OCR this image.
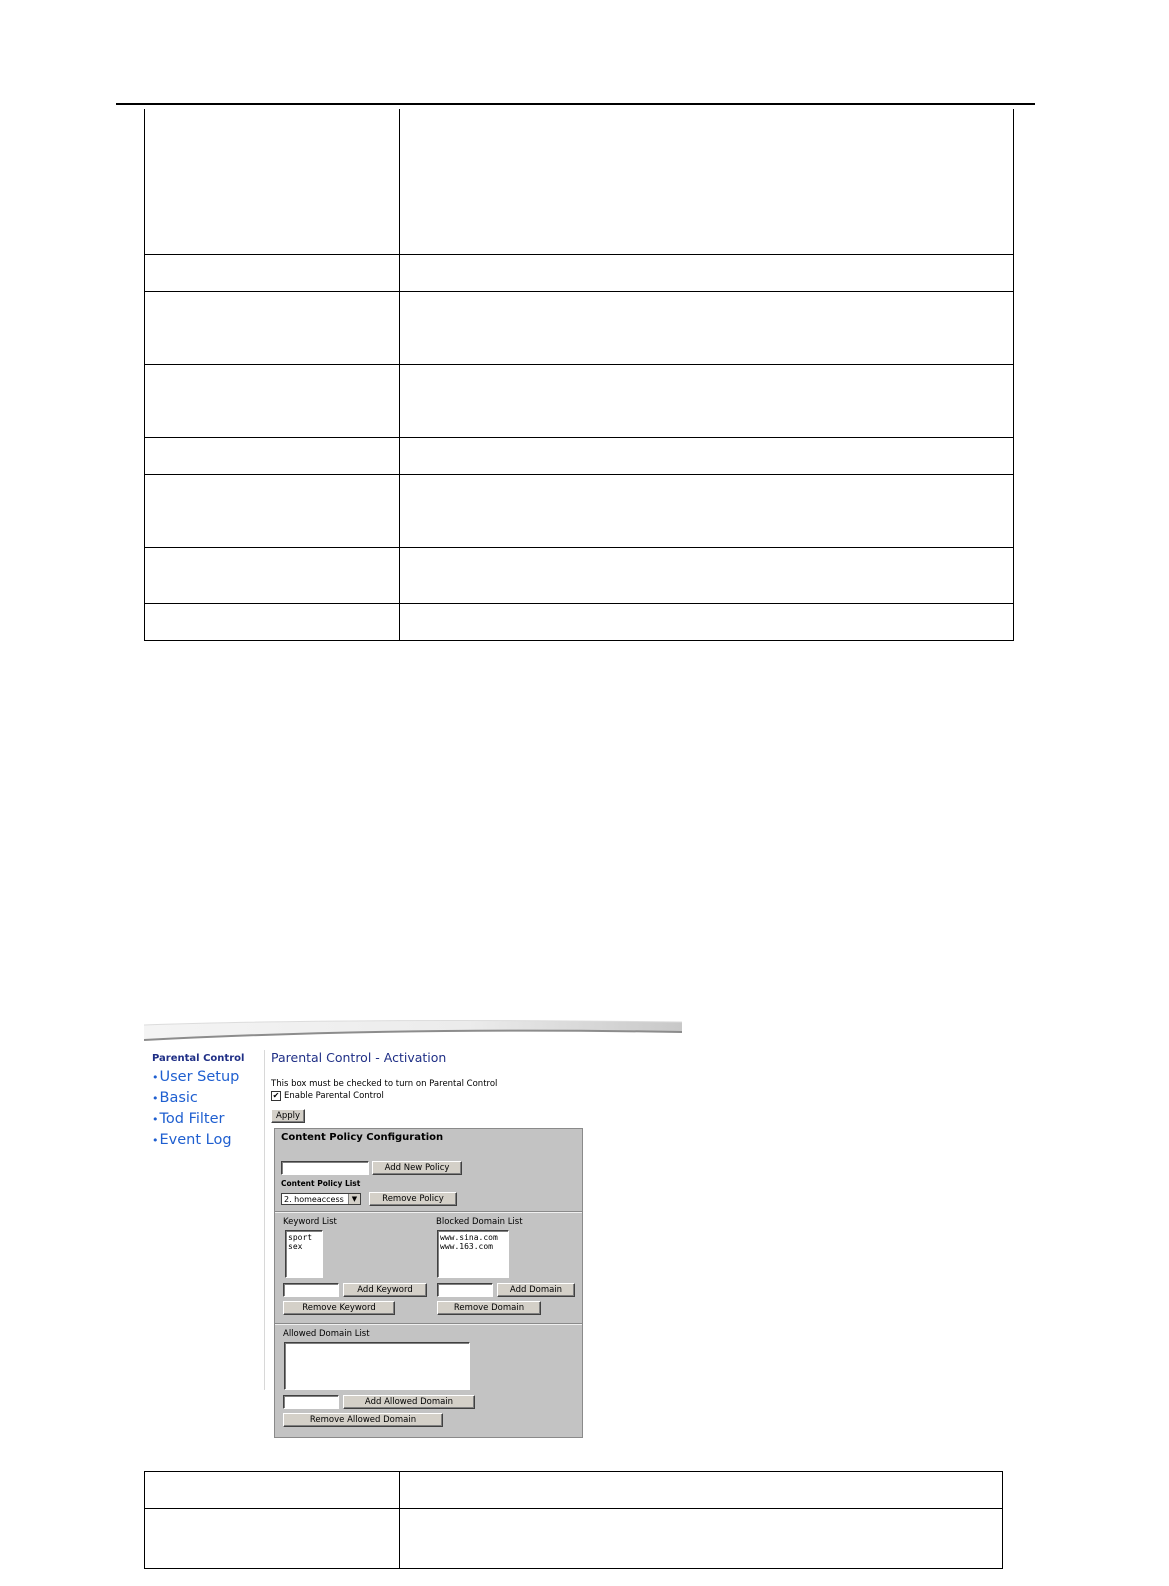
Parental Control
•User Setup
•Basic
•Tod Filter
•Event Log
Parental Control - Activation
This box must be checked to turn on Parental Control
✔ Enable Parental Control
Apply
Content Policy Configuration
Add New Policy
Content Policy List
2. homeaccess	▼	Remove Policy
Keyword List
sport
sex
Add Keyword
Remove Keyword
Blocked Domain List
www.sina.com
www.163.com
Add Domain
Remove Domain
Allowed Domain List
Add Allowed Domain
Remove Allowed Domain
